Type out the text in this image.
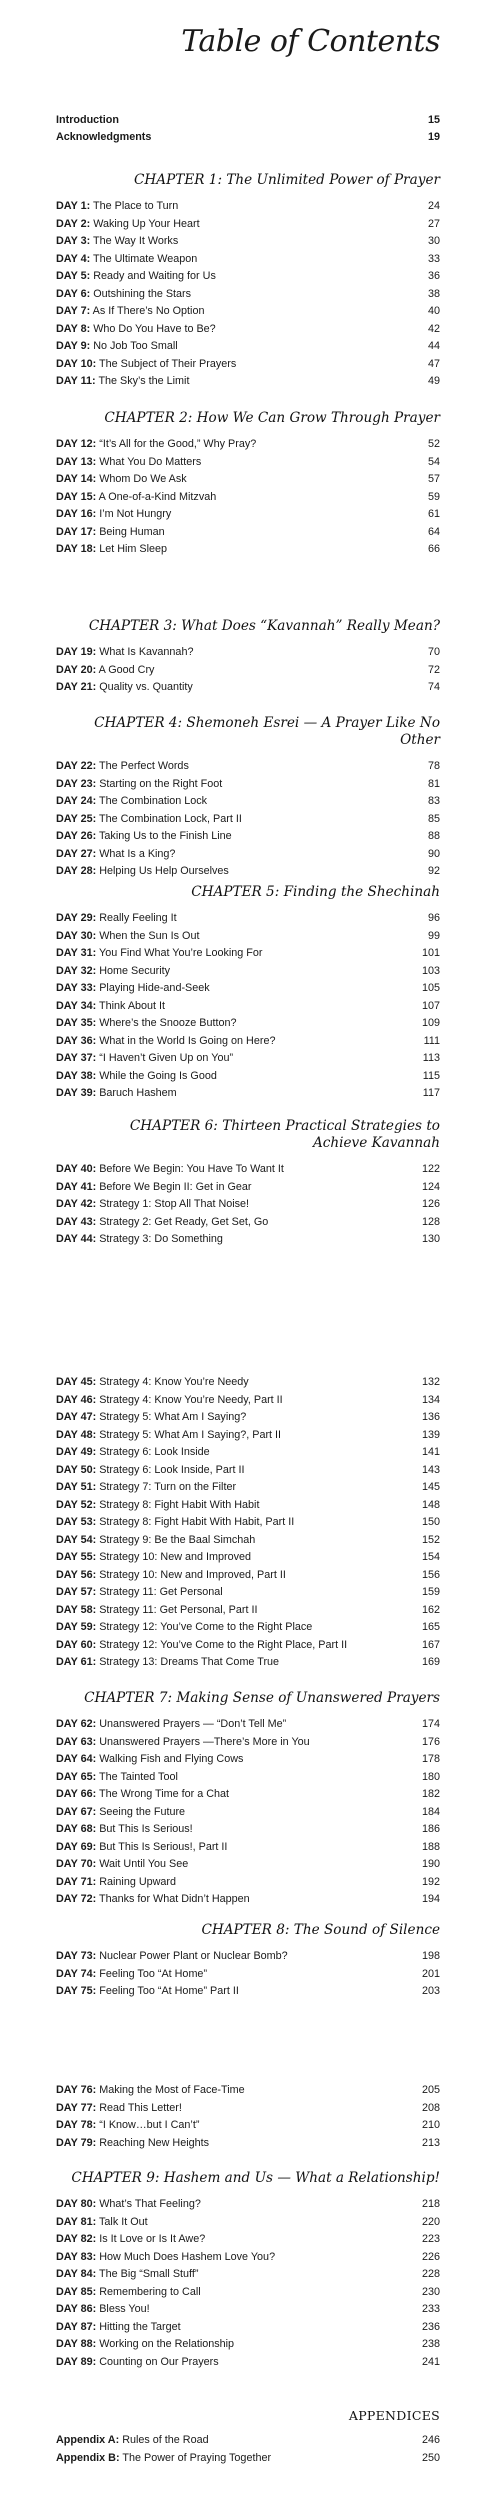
Table of Contents
Introduction	15
Acknowledgments	19
CHAPTER 1: The Unlimited Power of Prayer
DAY 1: The Place to Turn	24
DAY 2: Waking Up Your Heart	27
DAY 3: The Way It Works	30
DAY 4: The Ultimate Weapon	33
DAY 5: Ready and Waiting for Us	36
DAY 6: Outshining the Stars	38
DAY 7: As If There’s No Option	40
DAY 8: Who Do You Have to Be?	42
DAY 9: No Job Too Small	44
DAY 10: The Subject of Their Prayers	47
DAY 11: The Sky’s the Limit	49
CHAPTER 2: How We Can Grow Through Prayer
DAY 12: “It’s All for the Good,” Why Pray?	52
DAY 13: What You Do Matters	54
DAY 14: Whom Do We Ask	57
DAY 15: A One-of-a-Kind Mitzvah	59
DAY 16: I’m Not Hungry	61
DAY 17: Being Human	64
DAY 18: Let Him Sleep	66
CHAPTER 3: What Does “Kavannah” Really Mean?
DAY 19: What Is Kavannah?	70
DAY 20: A Good Cry	72
DAY 21: Quality vs. Quantity	74
CHAPTER 4: Shemoneh Esrei — A Prayer Like No Other
DAY 22: The Perfect Words	78
DAY 23: Starting on the Right Foot	81
DAY 24: The Combination Lock	83
DAY 25: The Combination Lock, Part II	85
DAY 26: Taking Us to the Finish Line	88
DAY 27: What Is a King?	90
DAY 28: Helping Us Help Ourselves	92
CHAPTER 5: Finding the Shechinah
DAY 29: Really Feeling It	96
DAY 30: When the Sun Is Out	99
DAY 31: You Find What You’re Looking For	101
DAY 32: Home Security	103
DAY 33: Playing Hide-and-Seek	105
DAY 34: Think About It	107
DAY 35: Where’s the Snooze Button?	109
DAY 36: What in the World Is Going on Here?	111
DAY 37: “I Haven’t Given Up on You”	113
DAY 38: While the Going Is Good	115
DAY 39: Baruch Hashem	117
CHAPTER 6: Thirteen Practical Strategies to
Achieve Kavannah
DAY 40: Before We Begin: You Have To Want It	122
DAY 41: Before We Begin II: Get in Gear	124
DAY 42: Strategy 1: Stop All That Noise!	126
DAY 43: Strategy 2: Get Ready, Get Set, Go	128
DAY 44: Strategy 3: Do Something	130
DAY 45: Strategy 4: Know You’re Needy	132
DAY 46: Strategy 4: Know You’re Needy, Part II	134
DAY 47: Strategy 5: What Am I Saying?	136
DAY 48: Strategy 5: What Am I Saying?, Part II	139
DAY 49: Strategy 6: Look Inside	141
DAY 50: Strategy 6: Look Inside, Part II	143
DAY 51: Strategy 7: Turn on the Filter	145
DAY 52: Strategy 8: Fight Habit With Habit	148
DAY 53: Strategy 8: Fight Habit With Habit, Part II	150
DAY 54: Strategy 9: Be the Baal Simchah	152
DAY 55: Strategy 10: New and Improved	154
DAY 56: Strategy 10: New and Improved, Part II	156
DAY 57: Strategy 11: Get Personal	159
DAY 58: Strategy 11: Get Personal, Part II	162
DAY 59: Strategy 12: You’ve Come to the Right Place	165
DAY 60: Strategy 12: You’ve Come to the Right Place, Part II	167
DAY 61: Strategy 13: Dreams That Come True	169
CHAPTER 7: Making Sense of Unanswered Prayers
DAY 62: Unanswered Prayers — “Don’t Tell Me”	174
DAY 63: Unanswered Prayers —There’s More in You	176
DAY 64: Walking Fish and Flying Cows	178
DAY 65: The Tainted Tool	180
DAY 66: The Wrong Time for a Chat	182
DAY 67: Seeing the Future	184
DAY 68: But This Is Serious!	186
DAY 69: But This Is Serious!, Part II	188
DAY 70: Wait Until You See	190
DAY 71: Raining Upward	192
DAY 72: Thanks for What Didn’t Happen	194
CHAPTER 8: The Sound of Silence
DAY 73: Nuclear Power Plant or Nuclear Bomb?	198
DAY 74: Feeling Too “At Home”	201
DAY 75: Feeling Too “At Home” Part II	203
DAY 76: Making the Most of Face-Time	205
DAY 77: Read This Letter!	208
DAY 78: “I Know…but I Can’t”	210
DAY 79: Reaching New Heights	213
CHAPTER 9: Hashem and Us — What a Relationship!
DAY 80: What’s That Feeling?	218
DAY 81: Talk It Out	220
DAY 82: Is It Love or Is It Awe?	223
DAY 83: How Much Does Hashem Love You?	226
DAY 84: The Big “Small Stuff”	228
DAY 85: Remembering to Call	230
DAY 86: Bless You!	233
DAY 87: Hitting the Target	236
DAY 88: Working on the Relationship	238
DAY 89: Counting on Our Prayers	241
APPENDICES
Appendix A: Rules of the Road	246
Appendix B: The Power of Praying Together	250
